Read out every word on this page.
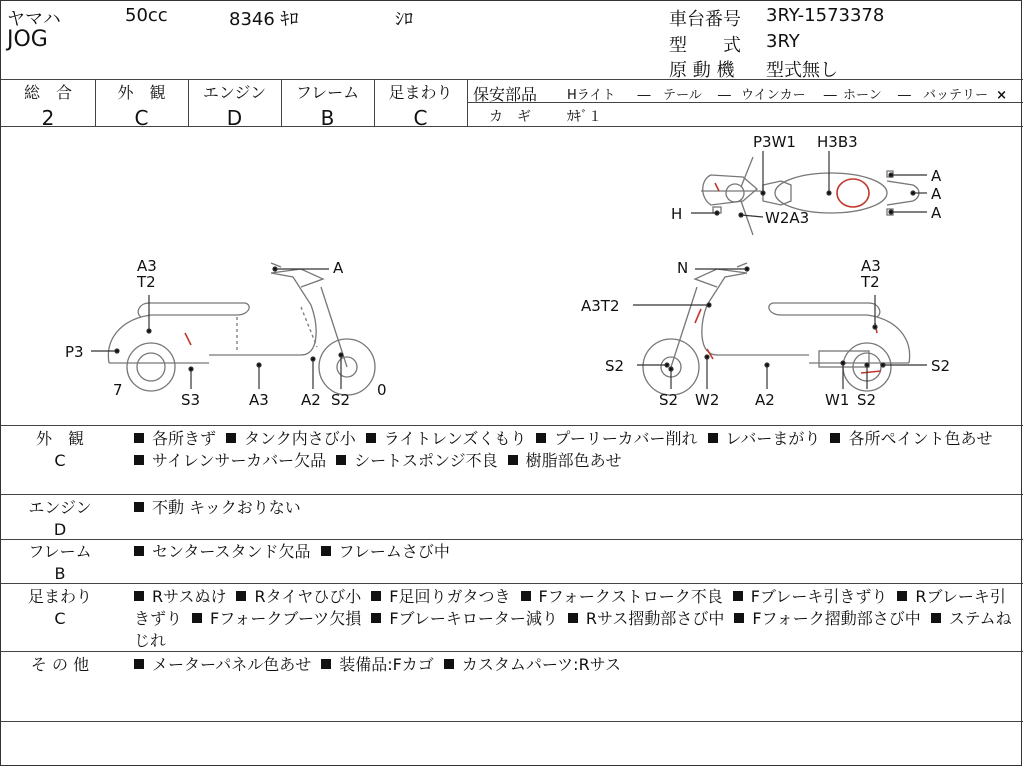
ヤマハ	50cc	8346 ｷﾛ	ｼﾛ
JOG
車台番号 3RY-1573378
型　　式 3RY
原 動 機 型式無し
総　合
2
外　観
C
エンジン
D
フレーム
B
足まわり
C
保安部品 Hライト ― テール ― ウインカー ― ホーン ― バッテリー ×
カ　ギ	ｶｷﾞ１
P3W1 H3B3
A
A
A
H	W2A3
A3
T2
A
P3
7
S3	A3 A2 S2
0
N	A3
T2
A3T2
S2
S2 W2 A2	W1 S2
S2
外　観
C
各所きず タンク内さび小 ライトレンズくもり プーリーカバー削れ レバーまがり 各所ペイント色あせサイレンサーカバー欠品 シートスポンジ不良 樹脂部色あせ
エンジン
D
不動 キックおりない
フレーム
B
センタースタンド欠品 フレームさび中
足まわり
C
Rサスぬけ Rタイヤひび小 F足回りガタつき Fフォークストローク不良 Fブレーキ引きずり Rブレーキ引きずり Fフォークブーツ欠損 Fブレーキローター減り Rサス摺動部さび中 Fフォーク摺動部さび中 ステムねじれ
そ の 他	メーターパネル色あせ 装備品:Fカゴ カスタムパーツ:Rサス
